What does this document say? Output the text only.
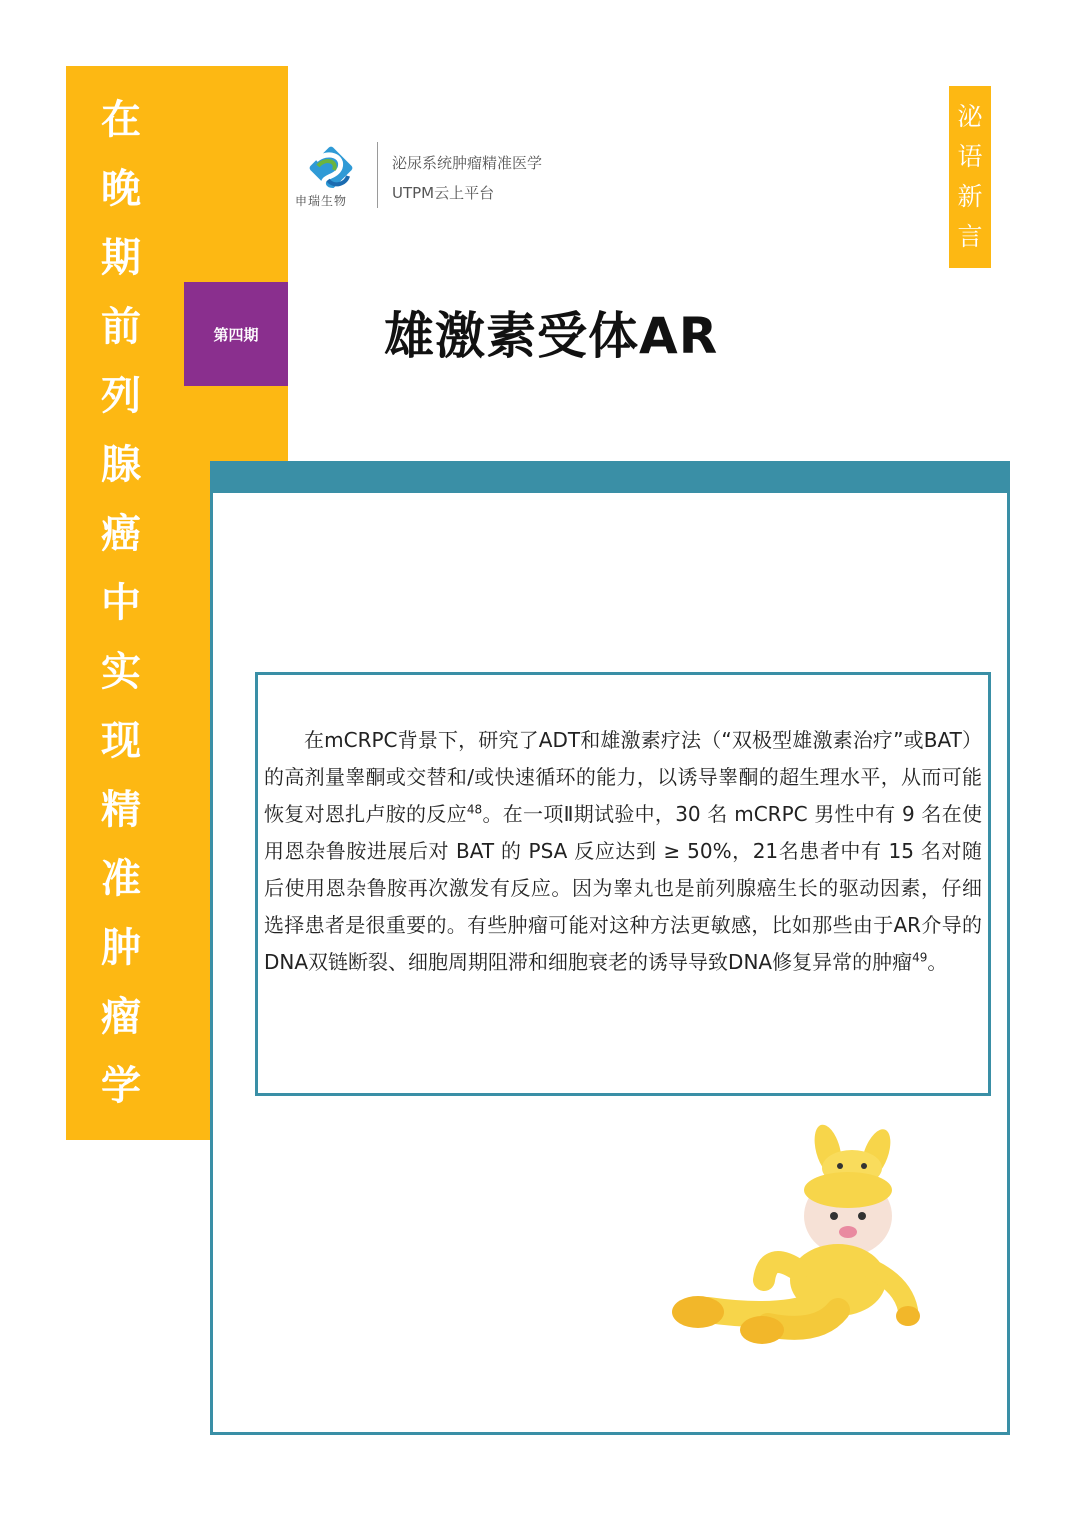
在
晚
期
前
列
腺
癌
中
实
现
精
准
肿
瘤
学
泌
语
新
言
申瑞生物
泌尿系统肿瘤精准医学
UTPM云上平台
第四期	雄激素受体AR

在mCRPC背景下，研究了ADT和雄激素疗法（“双极型雄激素治疗”或BAT）的高剂量睾酮或交替和/或快速循环的能力，以诱导睾酮的超生理水平，从而可能恢复对恩扎卢胺的反应$^{48}$。在一项Ⅱ期试验中，30 名 mCRPC 男性中有 9 名在使用恩杂鲁胺进展后对 BAT 的 PSA 反应达到 ≥ 50%，21名患者中有 15 名对随后使用恩杂鲁胺再次激发有反应。因为睾丸也是前列腺癌生长的驱动因素，仔细选择患者是很重要的。有些肿瘤可能对这种方法更敏感，比如那些由于AR介导的DNA双链断裂、细胞周期阻滞和细胞衰老的诱导导致DNA修复异常的肿瘤$^{49}$。
